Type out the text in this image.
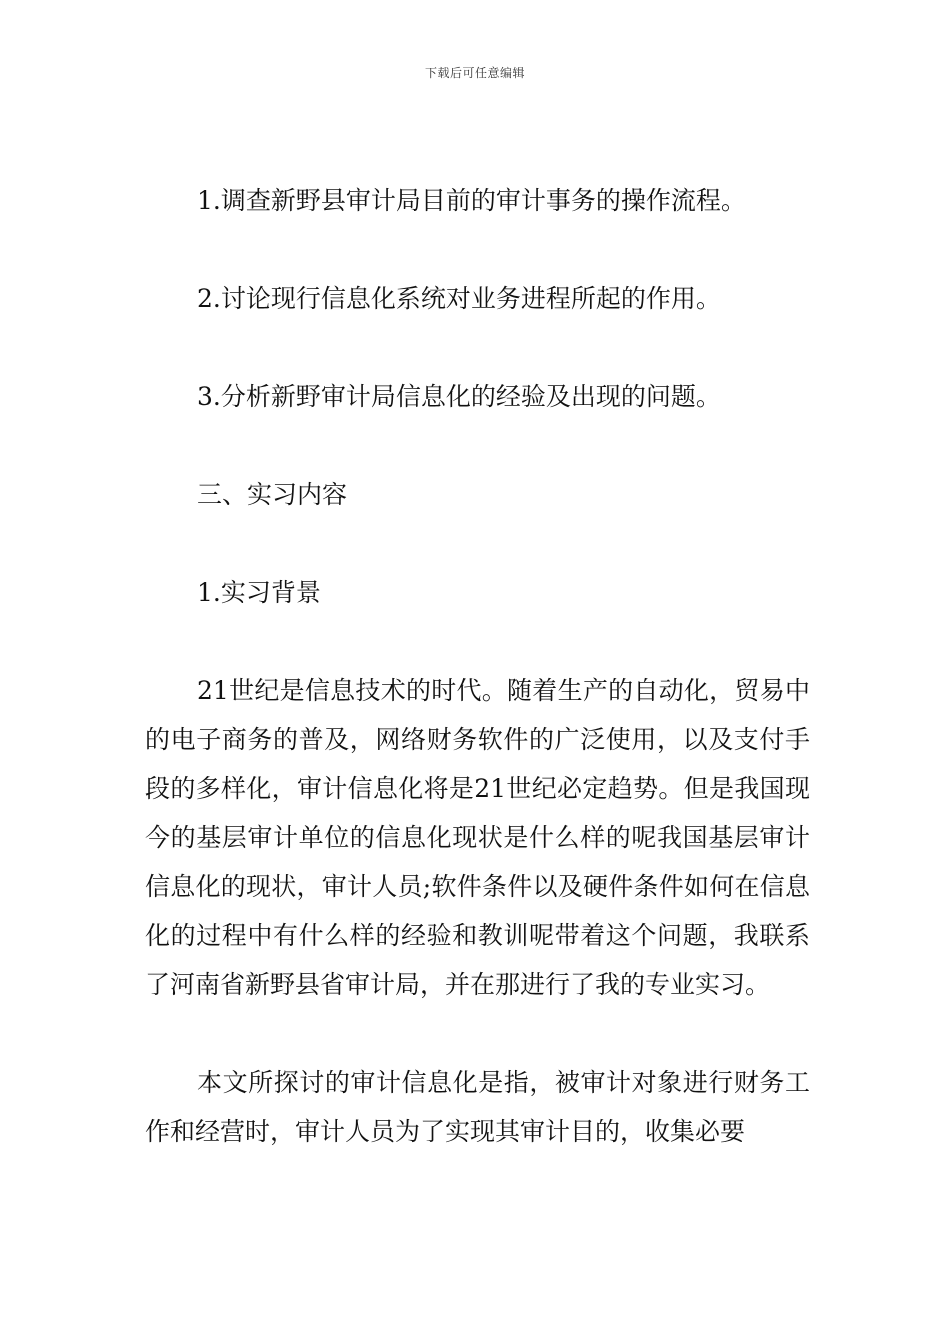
下载后可任意编辑

1.调查新野县审计局目前的审计事务的操作流程。

2.讨论现行信息化系统对业务进程所起的作用。

3.分析新野审计局信息化的经验及出现的问题。

三、实习内容

1.实习背景

21世纪是信息技术的时代。随着生产的自动化，贸易中的电子商务的普及，网络财务软件的广泛使用，以及支付手段的多样化，审计信息化将是21世纪必定趋势。但是我国现今的基层审计单位的信息化现状是什么样的呢我国基层审计信息化的现状，审计人员;软件条件以及硬件条件如何在信息化的过程中有什么样的经验和教训呢带着这个问题，我联系了河南省新野县省审计局，并在那进行了我的专业实习。

本文所探讨的审计信息化是指，被审计对象进行财务工作和经营时，审计人员为了实现其审计目的，收集必要
